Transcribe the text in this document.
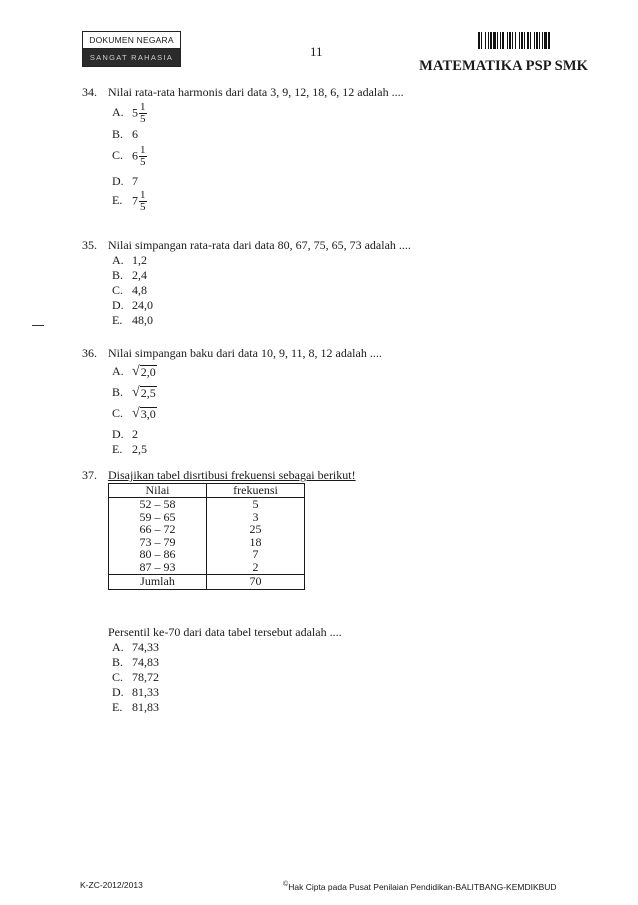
DOKUMEN NEGARA
SANGAT RAHASIA	11
MATEMATIKA PSP SMK
34. Nilai rata-rata harmonis dari data 3, 9, 12, 18, 6, 12 adalah ....
A. $5 \frac{1}{5}$
B. 6
C. $6 \frac{1}{5}$
D. 7
E. $7 \frac{1}{5}$
35. Nilai simpangan rata-rata dari data 80, 67, 75, 65, 73 adalah ....
A. 1,2
B. 2,4
C. 4,8
D. 24,0
E. 48,0
36. Nilai simpangan baku dari data 10, 9, 11, 8, 12 adalah ....
A. √ 2,0
B. √ 2,5
C. √ 3,0
D. 2
E. 2,5
37. Disajikan tabel disrtibusi frekuensi sebagai berikut!
Nilai	frekuensi
52 – 58	5
59 – 65	3
66 – 72	25
73 – 79	18
80 – 86	7
87 – 93	2
Jumlah	70
Persentil ke-70 dari data tabel tersebut adalah ....
A. 74,33
B. 74,83
C. 78,72
D. 81,33
E. 81,83
K-ZC-2012/2013	©Hak Cipta pada Pusat Penilaian Pendidikan-BALITBANG-KEMDIKBUD
